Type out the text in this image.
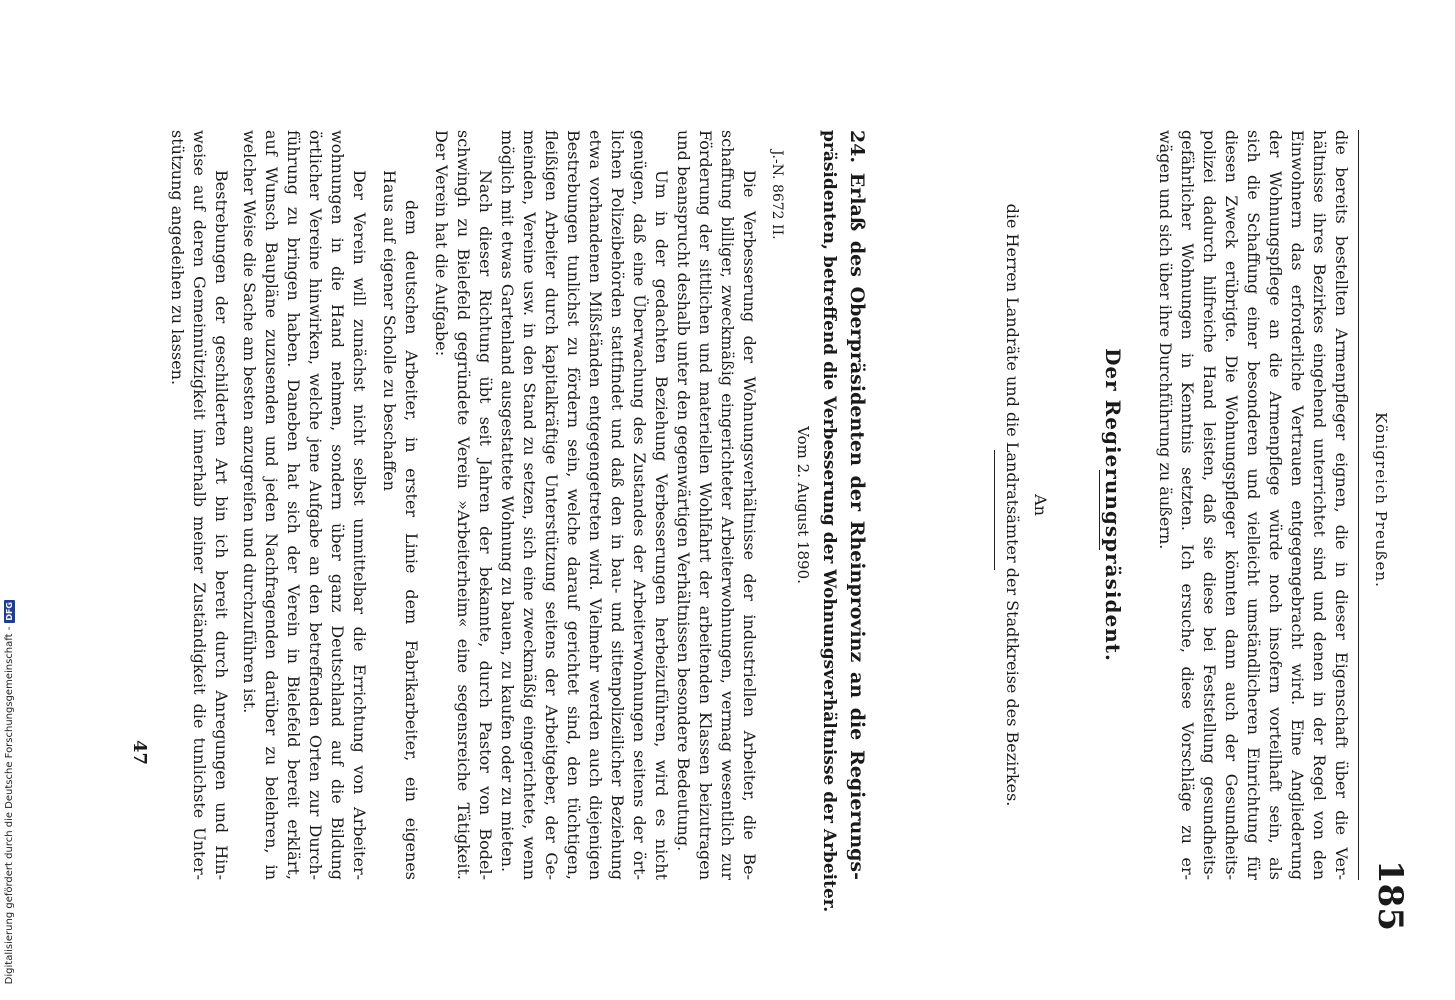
Königreich Preußen.
185
die bereits bestellten Armenpfleger eignen, die in dieser Eigenschaft über die Ver-
hältnisse ihres Bezirkes eingehend unterrichtet sind und denen in der Regel von den
Einwohnern das erforderliche Vertrauen entgegengebracht wird. Eine Angliederung
der Wohnungspflege an die Armenpflege würde noch insofern vorteilhaft sein, als
sich die Schaffung einer besonderen und vielleicht umständlicheren Einrichtung für
diesen Zweck erübrigte. Die Wohnungspfleger könnten dann auch der Gesundheits-
polizei dadurch hilfreiche Hand leisten, daß sie diese bei Feststellung gesundheits-
gefährlicher Wohnungen in Kenntnis setzten. Ich ersuche, diese Vorschläge zu er-
wägen und sich über ihre Durchführung zu äußern.
Der Regierungspräsident.
An
die Herren Landräte und die Landratsämter der Stadtkreise des Bezirkes.
24. Erlaß des Oberpräsidenten der Rheinprovinz an die Regierungs-
präsidenten, betreffend die Verbesserung der Wohnungsverhältnisse der Arbeiter.
Vom 2. August 1890.
J.-N. 8672 II.
Die Verbesserung der Wohnungsverhältnisse der industriellen Arbeiter, die Be-
schaffung billiger, zweckmäßig eingerichteter Arbeiterwohnungen, vermag wesentlich zur
Förderung der sittlichen und materiellen Wohlfahrt der arbeitenden Klassen beizutragen
und beansprucht deshalb unter den gegenwärtigen Verhältnissen besondere Bedeutung.
Um in der gedachten Beziehung Verbesserungen herbeizuführen, wird es nicht
genügen, daß eine Überwachung des Zustandes der Arbeiterwohnungen seitens der ört-
lichen Polizeibehörden stattfindet und daß den in bau- und sittenpolizeilicher Beziehung
etwa vorhandenen Mißständen entgegengetreten wird. Vielmehr werden auch diejenigen
Bestrebungen tunlichst zu fördern sein, welche darauf gerichtet sind, den tüchtigen,
fleißigen Arbeiter durch kapitalkräftige Unterstützung seitens der Arbeitgeber, der Ge-
meinden, Vereine usw. in den Stand zu setzen, sich eine zweckmäßig eingerichtete, wenn
möglich mit etwas Gartenland ausgestattete Wohnung zu bauen, zu kaufen oder zu mieten.
Nach dieser Richtung übt seit Jahren der bekannte, durch Pastor von Bodel-
schwingh zu Bielefeld gegründete Verein »Arbeiterheim« eine segensreiche Tätigkeit.
Der Verein hat die Aufgabe:
dem deutschen Arbeiter, in erster Linie dem Fabrikarbeiter, ein eigenes
Haus auf eigener Scholle zu beschaffen
Der Verein will zunächst nicht selbst unmittelbar die Errichtung von Arbeiter-
wohnungen in die Hand nehmen, sondern über ganz Deutschland auf die Bildung
örtlicher Vereine hinwirken, welche jene Aufgabe an den betreffenden Orten zur Durch-
führung zu bringen haben. Daneben hat sich der Verein in Bielefeld bereit erklärt,
auf Wunsch Baupläne zuzusenden und jeden Nachfragenden darüber zu belehren, in
welcher Weise die Sache am besten anzugreifen und durchzuführen ist.
Bestrebungen der geschilderten Art bin ich bereit durch Anregungen und Hin-
weise auf deren Gemeinnützigkeit innerhalb meiner Zuständigkeit die tunlichste Unter-
stützung angedeihen zu lassen.
47
Digitalisierung gefördert durch die Deutsche Forschungsgemeinschaft -
DFG
